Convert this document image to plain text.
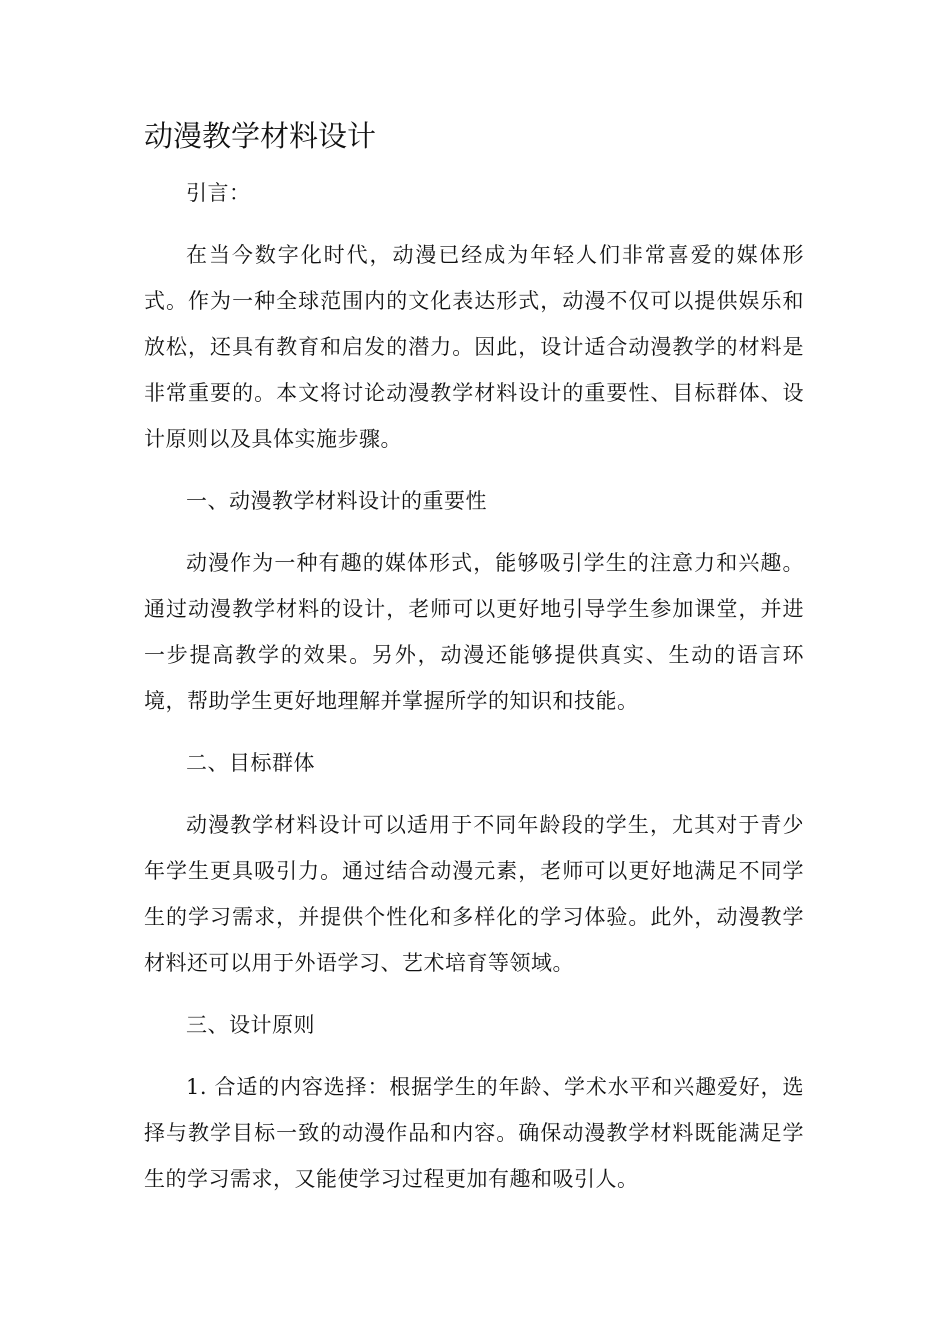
动漫教学材料设计

引言：

在当今数字化时代，动漫已经成为年轻人们非常喜爱的媒体形式。作为一种全球范围内的文化表达形式，动漫不仅可以提供娱乐和放松，还具有教育和启发的潜力。因此，设计适合动漫教学的材料是非常重要的。本文将讨论动漫教学材料设计的重要性、目标群体、设计原则以及具体实施步骤。

一、动漫教学材料设计的重要性

动漫作为一种有趣的媒体形式，能够吸引学生的注意力和兴趣。通过动漫教学材料的设计，老师可以更好地引导学生参加课堂，并进一步提高教学的效果。另外，动漫还能够提供真实、生动的语言环境，帮助学生更好地理解并掌握所学的知识和技能。

二、目标群体

动漫教学材料设计可以适用于不同年龄段的学生，尤其对于青少年学生更具吸引力。通过结合动漫元素，老师可以更好地满足不同学生的学习需求，并提供个性化和多样化的学习体验。此外，动漫教学材料还可以用于外语学习、艺术培育等领域。

三、设计原则

1. 合适的内容选择：根据学生的年龄、学术水平和兴趣爱好，选择与教学目标一致的动漫作品和内容。确保动漫教学材料既能满足学生的学习需求，又能使学习过程更加有趣和吸引人。
